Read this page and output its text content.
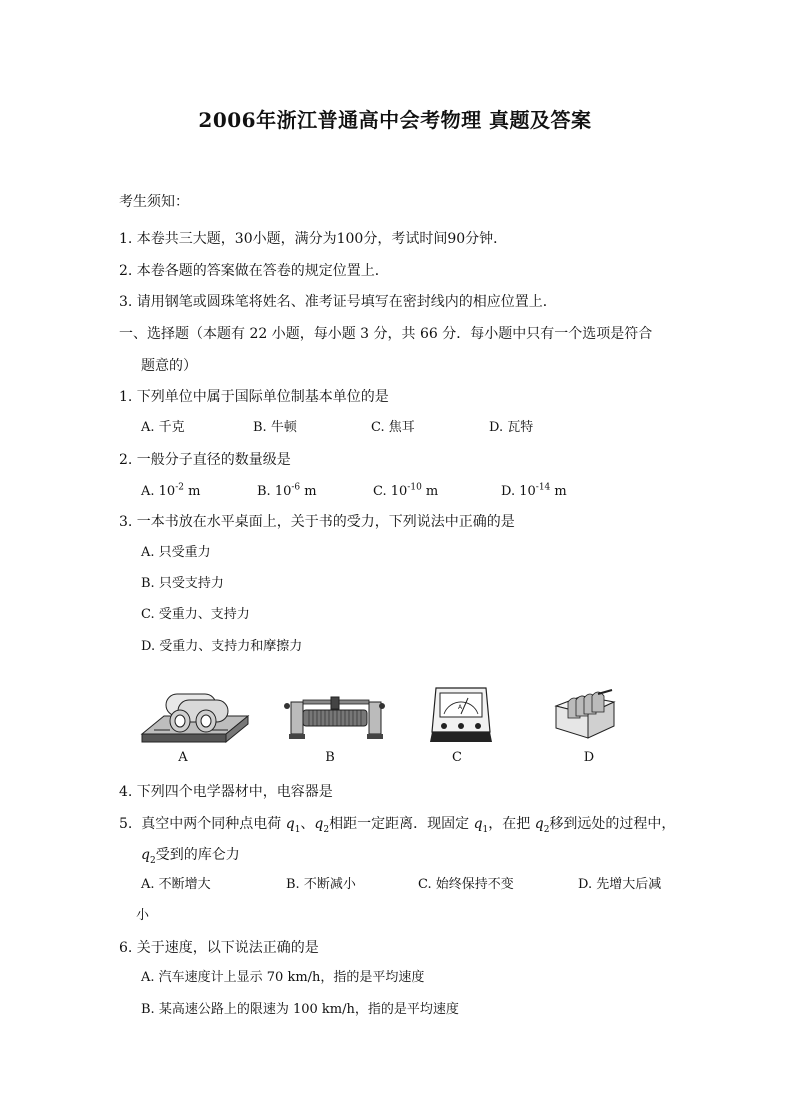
2006年浙江普通高中会考物理 真题及答案
考生须知：
1. 本卷共三大题，30小题，满分为100分，考试时间90分钟．
2. 本卷各题的答案做在答卷的规定位置上．
3. 请用钢笔或圆珠笔将姓名、准考证号填写在密封线内的相应位置上．
一、选择题（本题有 22 小题，每小题 3 分，共 66 分．每小题中只有一个选项是符合
题意的）
1. 下列单位中属于国际单位制基本单位的是
A. 千克	B. 牛顿	C. 焦耳	D. 瓦特
2. 一般分子直径的数量级是
A. $10^{-2}$ m	B. $10^{-6}$ m	C. $10^{-10}$ m	D. $10^{-14}$ m
3. 一本书放在水平桌面上，关于书的受力，下列说法中正确的是
A. 只受重力
B. 只受支持力
C. 受重力、支持力
D. 受重力、支持力和摩擦力
A	B
A
C	D
4. 下列四个电学器材中，电容器是
5. 真空中两个同种点电荷 $q_1$、$q_2$相距一定距离．现固定 $q_1$，在把 $q_2$移到远处的过程中，
$q_2$受到的库仑力
A. 不断增大	B. 不断减小	C. 始终保持不变	D. 先增大后减
小
6. 关于速度，以下说法正确的是
A. 汽车速度计上显示 70 km/h，指的是平均速度
B. 某高速公路上的限速为 100 km/h，指的是平均速度
